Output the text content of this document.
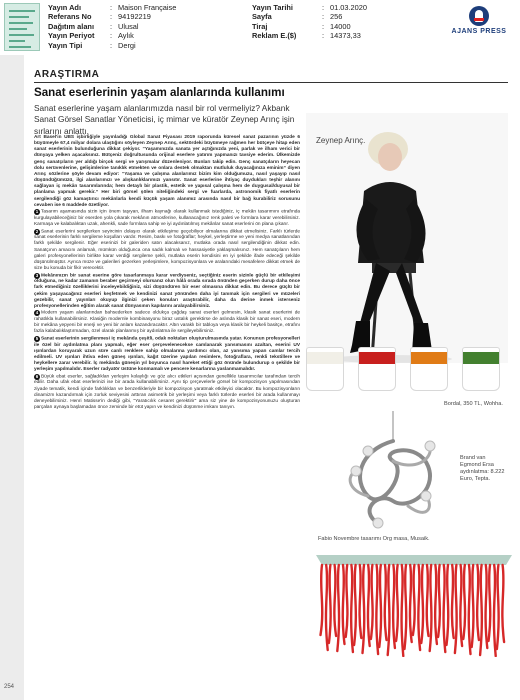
Yayın Adı	: Maison Française
Referans No	: 94192219
Dağıtım alanı	: Ulusal
Yayın Periyot	: Aylık
Yayın Tipi	: Dergi
Yayın Tarihi	: 01.03.2020
Sayfa	: 256
Tiraj	: 14000
Reklam E.($)	: 14373,33	AJANS PRESS
254
ARAŞTIRMA
Sanat eserlerinin yaşam alanlarında kullanımı
Sanat eserlerine yaşam alanlarımızda nasıl bir rol vermeliyiz? Akbank Sanat Görsel Sanatlar Yöneticisi, iç mimar ve küratör Zeynep Arınç işin sırlarını anlattı.

Art Basel'in UBS işbirliğiyle yayınladığı Global Sanat Piyasası 2019 raporunda küresel sanat pazarının yüzde 6 büyümeyle 67,4 milyar dolara ulaştığını söyleyen Zeynep Arınç, sektördeki büyümeye rağmen her bütçeye hitap eden sanat eserlerinin bulunduğuna dikkat çekiyor. “Yaşamınızda sanata yer açtığınızda yeni, parlak ve ilham verici bir dünyaya yelken açacaksınız. Bütçeniz doğrultusunda orijinal eserlere yatırım yapmanızı tavsiye ederim. Ülkemizde genç sanatçıların yer aldığı birçok sergi ve yarışmalar düzenleniyor. Bunları takip edin. Genç sanatçıların heyecan dolu serüvenlerine, gelişimlerine tanıklık etmekten ve onlara destek olmaktan mutluluk duyacağınıza eminim” diyen Arınç sözlerine şöyle devam ediyor: “Yaşama ve çalışma alanlarımız bizim kim olduğumuzu, nasıl yaşayıp nasıl düşündüğümüzü, ilgi alanlarımızı ve alışkanlıklarımızı yansıtır. Sanat eserlerine ihtiyaç duydukları teşhir alanını sağlayan iç mekân tasarımlarında; hem detaylı bir plastik, estetik ve yapısal çalışma hem de duygusal/duyusal bir planlama yapmak gerekir.” Her biri görsel şölen niteliğindeki sergi ve fuarlarda, astronomik fiyatlı eserlerin sergilendiği göz kamaştırıcı mekânlarla kendi küçük yaşam alanımız arasında nasıl bir bağ kurabiliriz sorusunu cevaben ise 6 maddede özetliyor.

1 Tasarım aşamasında sizin için önem taşıyan, ilham kaynağı olarak kullanmak istediğiniz, iç mekân tasarımını etrafında kurgulayabileceğiniz bir eserden yola çıkarak mekânın atmosferine, kullanacağınız renk paleti ve formlara karar verebilirsiniz. Karmaşa ve kalabalıktan uzak, ahenkli, sade formlara sahip ve iyi aydınlatılmış mekânlar sanat eserlerini ön plana çıkarır.

2 Sanat eserlerini sergilerken seyircinin dolaşıcı olarak etkileşime geçebiliyor olmalarına dikkat etmelisiniz. Farklı türlerde sanat eserlerinin farklı sergileme koşulları vardır. Resim, baskı ve fotoğraflar; heykel, yerleştirme ve yeni medya sanatlarından farklı şekilde sergilenir. Eğer eserinizi bir galeriden satın alacaksanız, mutlaka orada nasıl sergilendiğinin dikkat edin. Sanatçının amacını anlamalı, mümkün olduğunca ona sadık kalmalı ve hassasiyetle yaklaşmalısınız. Hem sanatçıların hem galeri profesyonellerinin birlikte karar verdiği sergileme şekli, mutlaka eserin kendisini en iyi şekilde ifade edeceği şekilde düşünülmüştür. Ayrıca müze ve galerileri gezerken yerleşimlere, kompozisyonlara ve aralarındaki mesafelere dikkat etmek de size bu konuda bir fikir verecektir.

3 Mekânınızın bir sanat eserine göre tasarlanmaya karar verdiyseniz, seçtiğiniz eserin sizinle güçlü bir etkileşimi olduğuna, ne kadar zamanın beraber geçirmeyi olursanız olun hâlâ orada sırada önünden geçerken durup daha önce fark etmediğiniz özelliklerini inceleyebildiğiniz, sizi düşündüren bir eser olmasına dikkat edin. Bu derece güçlü bir çekim yaşayacağınız eserleri keşfetmek ve kendinizi sanat yönünden daha iyi tanımak için sergileri ve müzeleri gezebilir, sanat yayınları okuyup ilginizi çeken konuları araştırabilir, daha da derine inmek isterseniz profesyonellerinden eğitim alarak sanat dünyasının kapılarını aralayabilirsiniz.

4 Modern yaşam alanlarından bahsederken sadece oldukça çağdaş sanat eserleri gelmesin, klasik sanat eserlerini de rahatlıkla kullanabilirsiniz. Klasiğin modernle kombinasyonu biraz ustalık gerektirse de aslında klasik bir sanat eseri, modern bir mekâna yepyeni bir enerji ve yeni bir anlam kazandıracaktır. Altın varaklı bir tabloya veya klasik bir heykeli basitçe, etrafını fazla kalabalıklaştırmadan, özel olarak planlanmış bir aydınlatma ile sergileyebilirsiniz.

5 Sanat eserlerinin sergilenmesi iç mekânda çeşitli, odak noktaları oluşturulmasında yatar. Konunun profesyonelleri ile özel bir aydınlatma planı yapmalı, eğer eser çerçevelenecekse camlanarak yansımasını azaltan, eserini UV ışınlardan koruyarak uzun süre canlı renklere sahip olmalarına yardımcı olan, az yansıma yapan camlar tercih edilmeli. UV ışınları ihtiva eden güneş ışınları, kağıt üzerine yapılan resimlere, fotoğraflara, renkli tekstillere ve heykellere zarar verebilir. İç mekânda güneşin yıl boyunca nasıl hareket ettiği göz önünde bulundurup o şekilde bir yerleşim yapılmalıdır. Eserler radyatör üstüne konmamalı ve pencere kenarlarına yaslanmamalıdır.

6 Büyük ebat eserler, sağladıkları yerleşim kolaylığı ve göz alıcı etkileri açısından genellikle tasarımcılar tarafından tercih edilir. Daha ufak ebat eserlerinizi ise bir arada kullanabilirsiniz. Aynı tip çerçevelerle görsel bir kompozisyon yapılmasından ziyade tematik, kendi içinde farklılıkları ve benzerlikleriyle bir kompozisyon yaratmak etkileyici olacaktır. Bu kompozisyonların dinamizm kazandırmak için zorluk seviyesini arttıran asimetrik bir yerleşimi veya farklı türlerde eserleri bir arada kullanmayı deneyebilirsiniz. Henri Matisse'in dediği gibi, “Yaratıcılık cesaret gerektirir” ama siz yine de kompozisyonunuzu oluşturan parçaları aynaya başlamadan önce zeminde bir etüt yapın ve kendinizi düşünme imkanı tanıyın.

Zeynep Arınç.
Bordal, 350 TL, Wohha.
Brand van Egmond Ersa aydınlatma: 8.222 Euro, Tepta.
Fabio Novembre tasarımı Org masa, Musaik.
